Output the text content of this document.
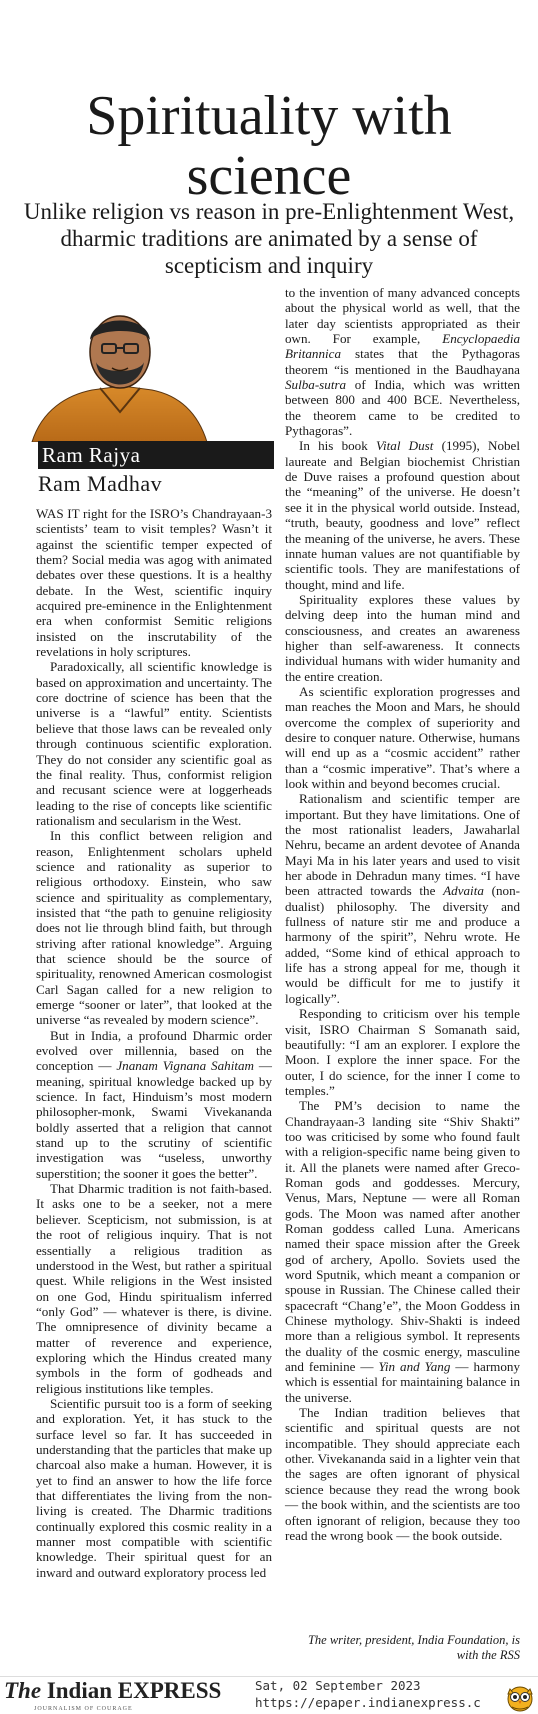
Spirituality with science
Unlike religion vs reason in pre-Enlightenment West, dharmic traditions are animated by a sense of scepticism and inquiry
Ram Rajya
Ram Madhav

WAS IT right for the ISRO’s Chandrayaan-3 scientists’ team to visit temples? Wasn’t it against the scientific temper expected of them? Social media was agog with animated debates over these questions. It is a healthy debate. In the West, scientific inquiry acquired pre-eminence in the Enlightenment era when conformist Semitic religions insisted on the inscrutability of the revelations in holy scriptures.

Paradoxically, all scientific knowledge is based on approximation and uncertainty. The core doctrine of science has been that the universe is a “lawful” entity. Scientists believe that those laws can be revealed only through continuous scientific exploration. They do not consider any scientific goal as the final reality. Thus, conformist religion and recusant science were at loggerheads leading to the rise of concepts like scientific rationalism and secularism in the West.

In this conflict between religion and reason, Enlightenment scholars upheld science and rationality as superior to religious orthodoxy. Einstein, who saw science and spirituality as complementary, insisted that “the path to genuine religiosity does not lie through blind faith, but through striving after rational knowledge”. Arguing that science should be the source of spirituality, renowned American cosmologist Carl Sagan called for a new religion to emerge “sooner or later”, that looked at the universe “as revealed by modern science”.

But in India, a profound Dharmic order evolved over millennia, based on the conception — Jnanam Vignana Sahitam — meaning, spiritual knowledge backed up by science. In fact, Hinduism’s most modern philosopher-monk, Swami Vivekananda boldly asserted that a religion that cannot stand up to the scrutiny of scientific investigation was “useless, unworthy superstition; the sooner it goes the better”.

That Dharmic tradition is not faith-based. It asks one to be a seeker, not a mere believer. Scepticism, not submission, is at the root of religious inquiry. That is not essentially a religious tradition as understood in the West, but rather a spiritual quest. While religions in the West insisted on one God, Hindu spiritualism inferred “only God” — whatever is there, is divine. The omnipresence of divinity became a matter of reverence and experience, exploring which the Hindus created many symbols in the form of godheads and religious institutions like temples.

Scientific pursuit too is a form of seeking and exploration. Yet, it has stuck to the surface level so far. It has succeeded in understanding that the particles that make up charcoal also make a human. However, it is yet to find an answer to how the life force that differentiates the living from the non-living is created. The Dharmic traditions continually explored this cosmic reality in a manner most compatible with scientific knowledge. Their spiritual quest for an inward and outward exploratory process led

to the invention of many advanced concepts about the physical world as well, that the later day scientists appropriated as their own. For example, Encyclopaedia Britannica states that the Pythagoras theorem “is mentioned in the Baudhayana Sulba-sutra of India, which was written between 800 and 400 BCE. Nevertheless, the theorem came to be credited to Pythagoras”.

In his book Vital Dust (1995), Nobel laureate and Belgian biochemist Christian de Duve raises a profound question about the “meaning” of the universe. He doesn’t see it in the physical world outside. Instead, “truth, beauty, goodness and love” reflect the meaning of the universe, he avers. These innate human values are not quantifiable by scientific tools. They are manifestations of thought, mind and life.

Spirituality explores these values by delving deep into the human mind and consciousness, and creates an awareness higher than self-awareness. It connects individual humans with wider humanity and the entire creation.

As scientific exploration progresses and man reaches the Moon and Mars, he should overcome the complex of superiority and desire to conquer nature. Otherwise, humans will end up as a “cosmic accident” rather than a “cosmic imperative”. That’s where a look within and beyond becomes crucial.

Rationalism and scientific temper are important. But they have limitations. One of the most rationalist leaders, Jawaharlal Nehru, became an ardent devotee of Ananda Mayi Ma in his later years and used to visit her abode in Dehradun many times. “I have been attracted towards the Advaita (non-dualist) philosophy. The diversity and fullness of nature stir me and produce a harmony of the spirit”, Nehru wrote. He added, “Some kind of ethical approach to life has a strong appeal for me, though it would be difficult for me to justify it logically”.

Responding to criticism over his temple visit, ISRO Chairman S Somanath said, beautifully: “I am an explorer. I explore the Moon. I explore the inner space. For the outer, I do science, for the inner I come to temples.”

The PM’s decision to name the Chandrayaan-3 landing site “Shiv Shakti” too was criticised by some who found fault with a religion-specific name being given to it. All the planets were named after Greco-Roman gods and goddesses. Mercury, Venus, Mars, Neptune — were all Roman gods. The Moon was named after another Roman goddess called Luna. Americans named their space mission after the Greek god of archery, Apollo. Soviets used the word Sputnik, which meant a companion or spouse in Russian. The Chinese called their spacecraft “Chang’e”, the Moon Goddess in Chinese mythology. Shiv-Shakti is indeed more than a religious symbol. It represents the duality of the cosmic energy, masculine and feminine — Yin and Yang — harmony which is essential for maintaining balance in the universe.

The Indian tradition believes that scientific and spiritual quests are not incompatible. They should appreciate each other. Vivekananda said in a lighter vein that the sages are often ignorant of physical science because they read the wrong book — the book within, and the scientists are too often ignorant of religion, because they too read the wrong book — the book outside.

The writer, president, India Foundation, is with the RSS
The Indian EXPRESS
JOURNALISM OF COURAGE
Sat, 02 September 2023
https://epaper.indianexpress.c
